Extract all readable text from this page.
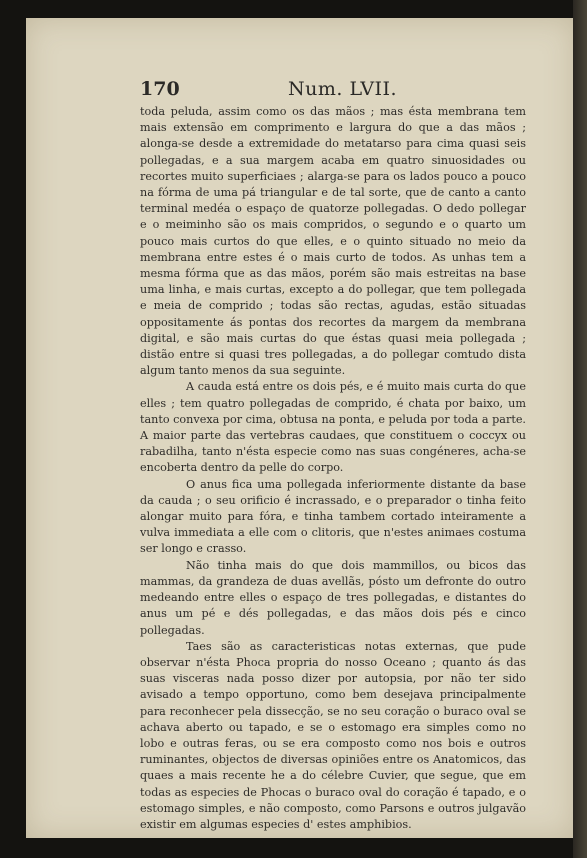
170	Num. LVII.

toda peluda, assim como os das mãos ; mas ésta membrana tem mais extensão em comprimento e largura do que a das mãos ; alonga-se desde a extremidade do metatarso para cima quasi seis pollegadas, e a sua margem acaba em quatro sinuosidades ou recortes muito superficiaes ; alarga-se para os lados pouco a pouco na fórma de uma pá triangular e de tal sorte, que de canto a canto terminal medéa o espaço de quatorze pollegadas. O dedo pollegar e o meiminho são os mais compridos, o segundo e o quarto um pouco mais curtos do que elles, e o quinto situado no meio da membrana entre estes é o mais curto de todos. As unhas tem a mesma fórma que as das mãos, porém são mais estreitas na base uma linha, e mais curtas, excepto a do pollegar, que tem pollegada e meia de comprido ; todas são rectas, agudas, estão situadas oppositamente ás pontas dos recortes da margem da membrana digital, e são mais curtas do que éstas quasi meia pollegada ; distão entre si quasi tres pollegadas, a do pollegar comtudo dista algum tanto menos da sua seguinte.

A cauda está entre os dois pés, e é muito mais curta do que elles ; tem quatro pollegadas de comprido, é chata por baixo, um tanto convexa por cima, obtusa na ponta, e peluda por toda a parte. A maior parte das vertebras caudaes, que constituem o coccyx ou rabadilha, tanto n'ésta especie como nas suas congéneres, acha-se encoberta dentro da pelle do corpo.

O anus fica uma pollegada inferiormente distante da base da cauda ; o seu orificio é incrassado, e o preparador o tinha feito alongar muito para fóra, e tinha tambem cortado inteiramente a vulva immediata a elle com o clitoris, que n'estes animaes costuma ser longo e crasso.

Não tinha mais do que dois mammillos, ou bicos das mammas, da grandeza de duas avellãs, pósto um defronte do outro medeando entre elles o espaço de tres pollegadas, e distantes do anus um pé e dés pollegadas, e das mãos dois pés e cinco pollegadas.

Taes são as caracteristicas notas externas, que pude observar n'ésta Phoca propria do nosso Oceano ; quanto ás das suas visceras nada posso dizer por autopsia, por não ter sido avisado a tempo opportuno, como bem desejava principalmente para reconhecer pela dissecção, se no seu coração o buraco oval se achava aberto ou tapado, e se o estomago era simples como no lobo e outras feras, ou se era composto como nos bois e outros ruminantes, objectos de diversas opiniões entre os Anatomicos, das quaes a mais recente he a do célebre Cuvier, que segue, que em todas as especies de Phocas o buraco oval do coração é tapado, e o estomago simples, e não composto, como Parsons e outros julgavão existir em algumas especies d' estes amphibios.
